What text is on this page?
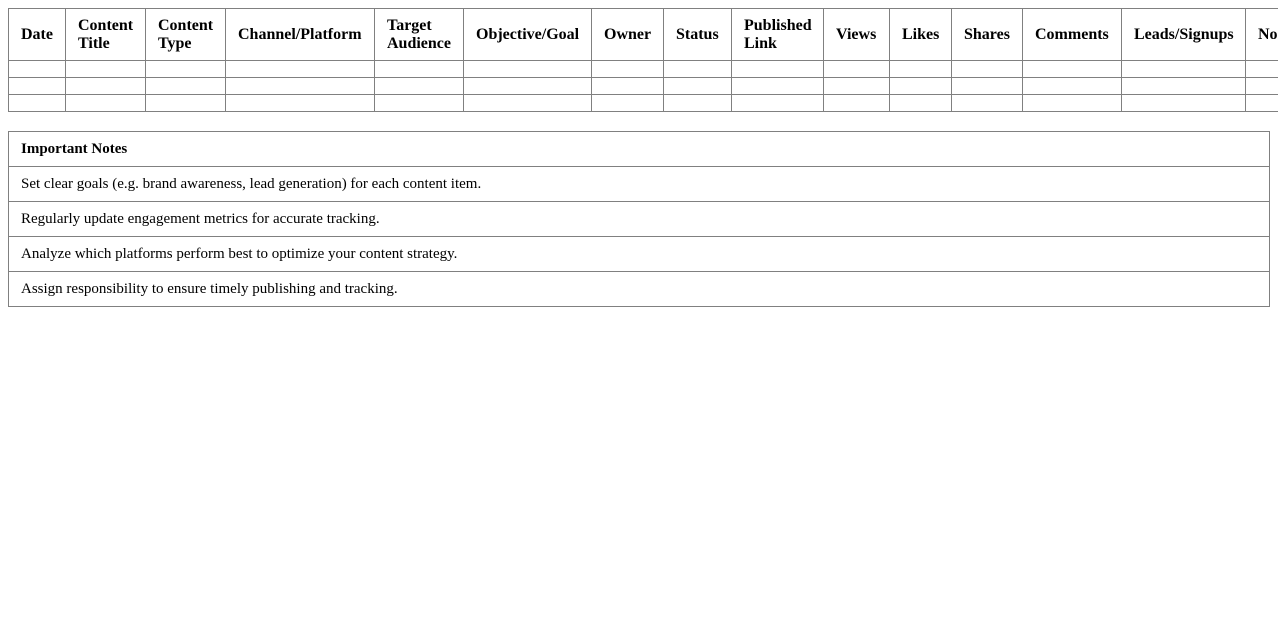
Date	Content Title	Content Type	Channel/Platform	Target Audience	Objective/Goal	Owner	Status	Published Link	Views	Likes	Shares	Comments	Leads/Signups	No

Important Notes
Set clear goals (e.g. brand awareness, lead generation) for each content item.
Regularly update engagement metrics for accurate tracking.
Analyze which platforms perform best to optimize your content strategy.
Assign responsibility to ensure timely publishing and tracking.
